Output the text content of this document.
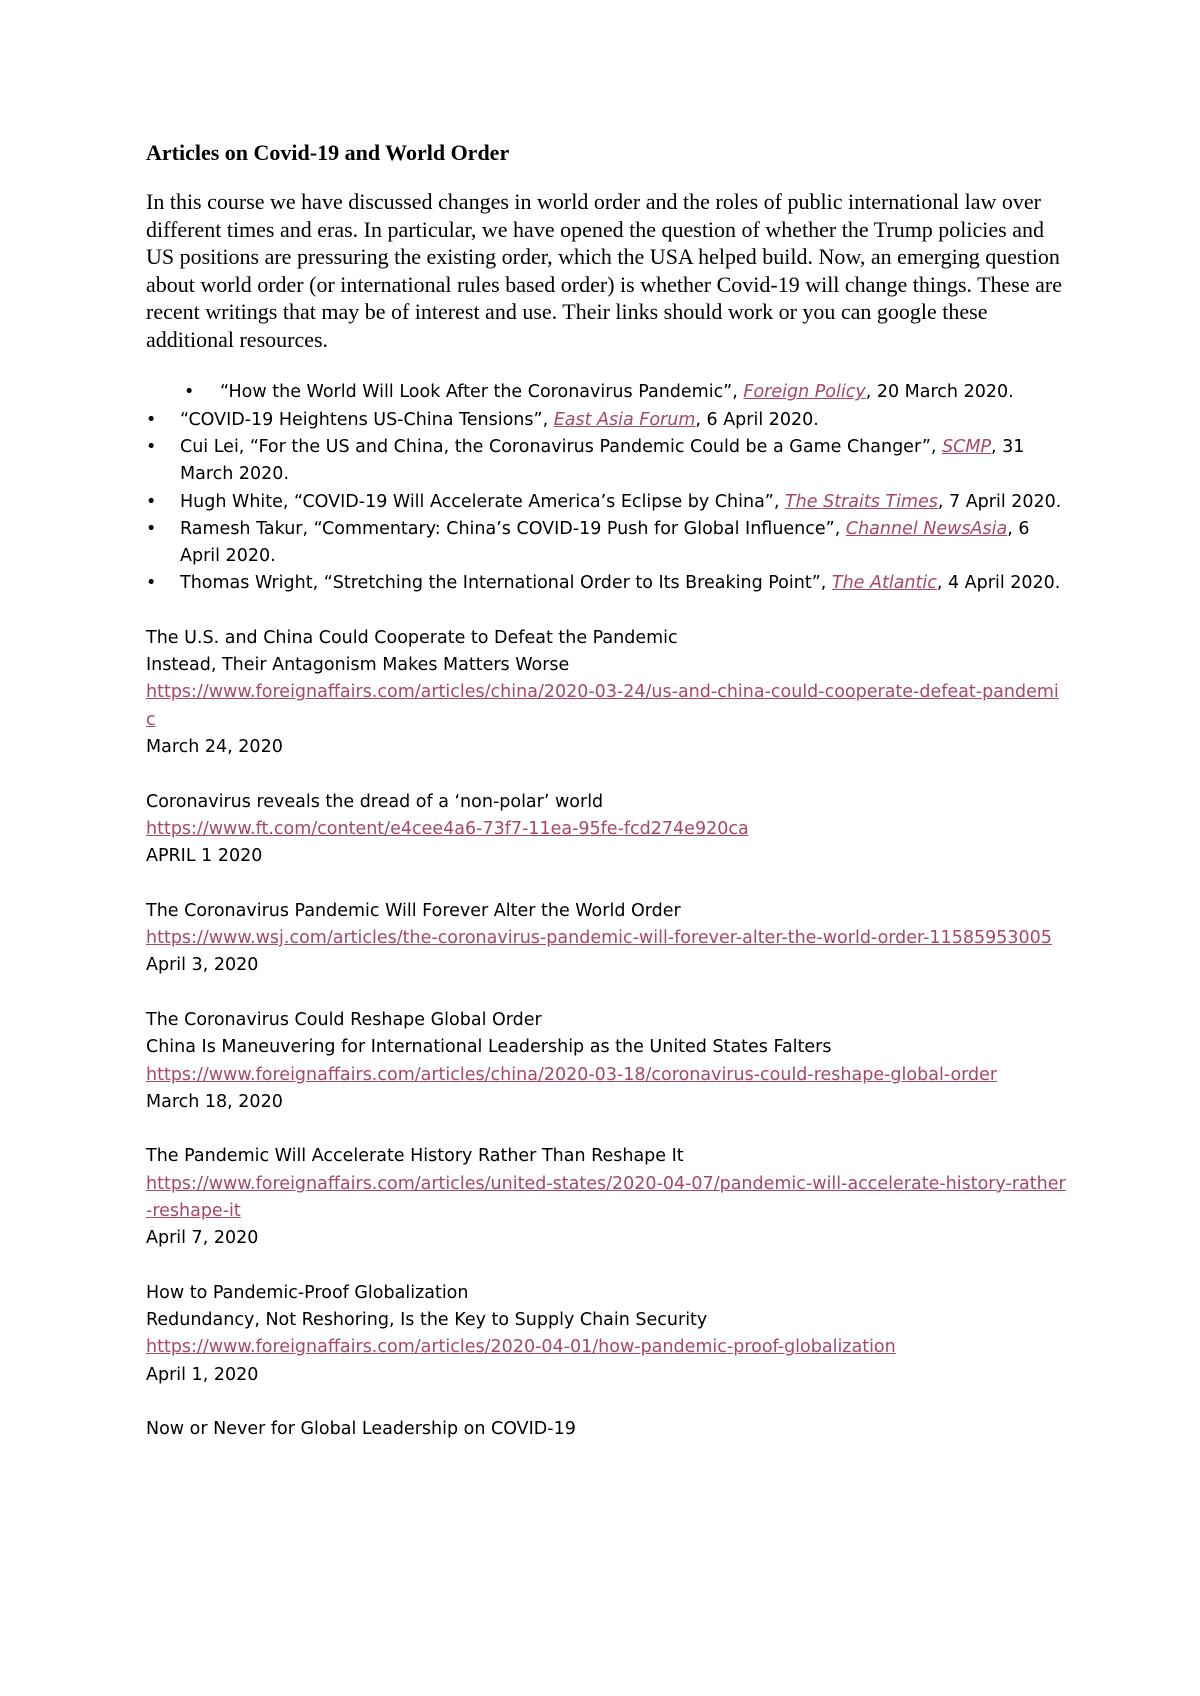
Articles on Covid-19 and World Order

In this course we have discussed changes in world order and the roles of public international law over different times and eras. In particular, we have opened the question of whether the Trump policies and US positions are pressuring the existing order, which the USA helped build. Now, an emerging question about world order (or international rules based order) is whether Covid-19 will change things. These are recent writings that may be of interest and use. Their links should work or you can google these additional resources.

• “How the World Will Look After the Coronavirus Pandemic”, Foreign Policy, 20 March 2020.
• “COVID-19 Heightens US-China Tensions”, East Asia Forum, 6 April 2020.
• Cui Lei, “For the US and China, the Coronavirus Pandemic Could be a Game Changer”, SCMP, 31 March 2020.
• Hugh White, “COVID-19 Will Accelerate America’s Eclipse by China”, The Straits Times, 7 April 2020.
• Ramesh Takur, “Commentary: China’s COVID-19 Push for Global Influence”, Channel NewsAsia, 6 April 2020.
• Thomas Wright, “Stretching the International Order to Its Breaking Point”, The Atlantic, 4 April 2020.
The U.S. and China Could Cooperate to Defeat the Pandemic
Instead, Their Antagonism Makes Matters Worse
https://www.foreignaffairs.com/articles/china/2020-03-24/us-and-china-could-cooperate-defeat-pandemic
March 24, 2020
Coronavirus reveals the dread of a ‘non-polar’ world
https://www.ft.com/content/e4cee4a6-73f7-11ea-95fe-fcd274e920ca
APRIL 1 2020
The Coronavirus Pandemic Will Forever Alter the World Order
https://www.wsj.com/articles/the-coronavirus-pandemic-will-forever-alter-the-world-order-11585953005
April 3, 2020
The Coronavirus Could Reshape Global Order
China Is Maneuvering for International Leadership as the United States Falters
https://www.foreignaffairs.com/articles/china/2020-03-18/coronavirus-could-reshape-global-order
March 18, 2020
The Pandemic Will Accelerate History Rather Than Reshape It
https://www.foreignaffairs.com/articles/united-states/2020-04-07/pandemic-will-accelerate-history-rather-reshape-it
April 7, 2020
How to Pandemic-Proof Globalization
Redundancy, Not Reshoring, Is the Key to Supply Chain Security
https://www.foreignaffairs.com/articles/2020-04-01/how-pandemic-proof-globalization
April 1, 2020
Now or Never for Global Leadership on COVID-19
